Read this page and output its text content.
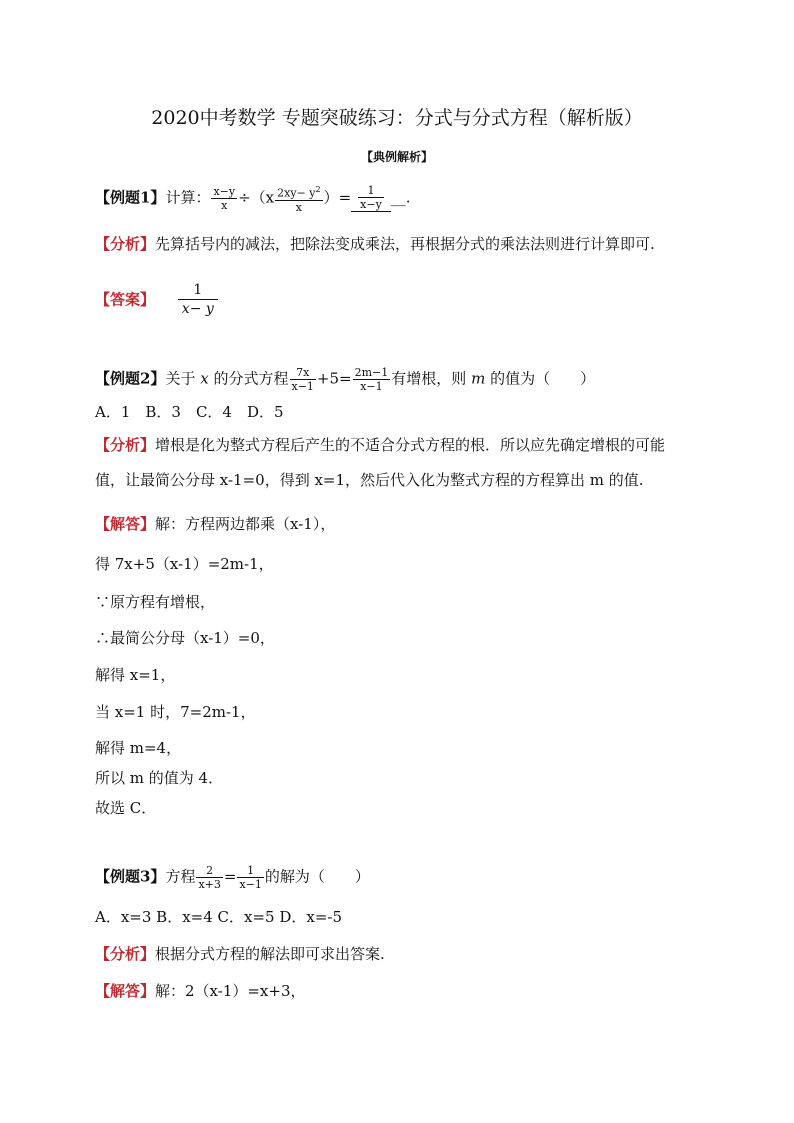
2020中考数学 专题突破练习：分式与分式方程（解析版）
【典例解析】
【例题1】计算： $\frac{x-y}{x} \div(x \frac{2xy- y^2}{x}$ ）= $\frac{1}{x-y}$ __.
【分析】先算括号内的减法，把除法变成乘法，再根据分式的乘法法则进行计算即可.
【答案】 $\frac{1}{x- y}$
【例题2】关于 x 的分式方程 $\frac{7x}{x-1} +5= \frac{2m-1}{x-1}$ 有增根，则 m 的值为（　　）
A．1　B．3　C．4　D．5
【分析】增根是化为整式方程后产生的不适合分式方程的根．所以应先确定增根的可能
值，让最简公分母 x-1=0，得到 x=1，然后代入化为整式方程的方程算出 m 的值.
【解答】解：方程两边都乘（x-1），
得 7x+5（x-1）=2m-1，
∵原方程有增根，
∴最简公分母（x-1）=0，
解得 x=1，
当 x=1 时，7=2m-1，
解得 m=4，
所以 m 的值为 4．
故选 C．
【例题3】方程 $\frac{2}{x+3} = \frac{1}{x-1}$ 的解为（　　）
A．x=3 B．x=4 C．x=5 D．x=-5
【分析】根据分式方程的解法即可求出答案.
【解答】解：2（x-1）=x+3，
